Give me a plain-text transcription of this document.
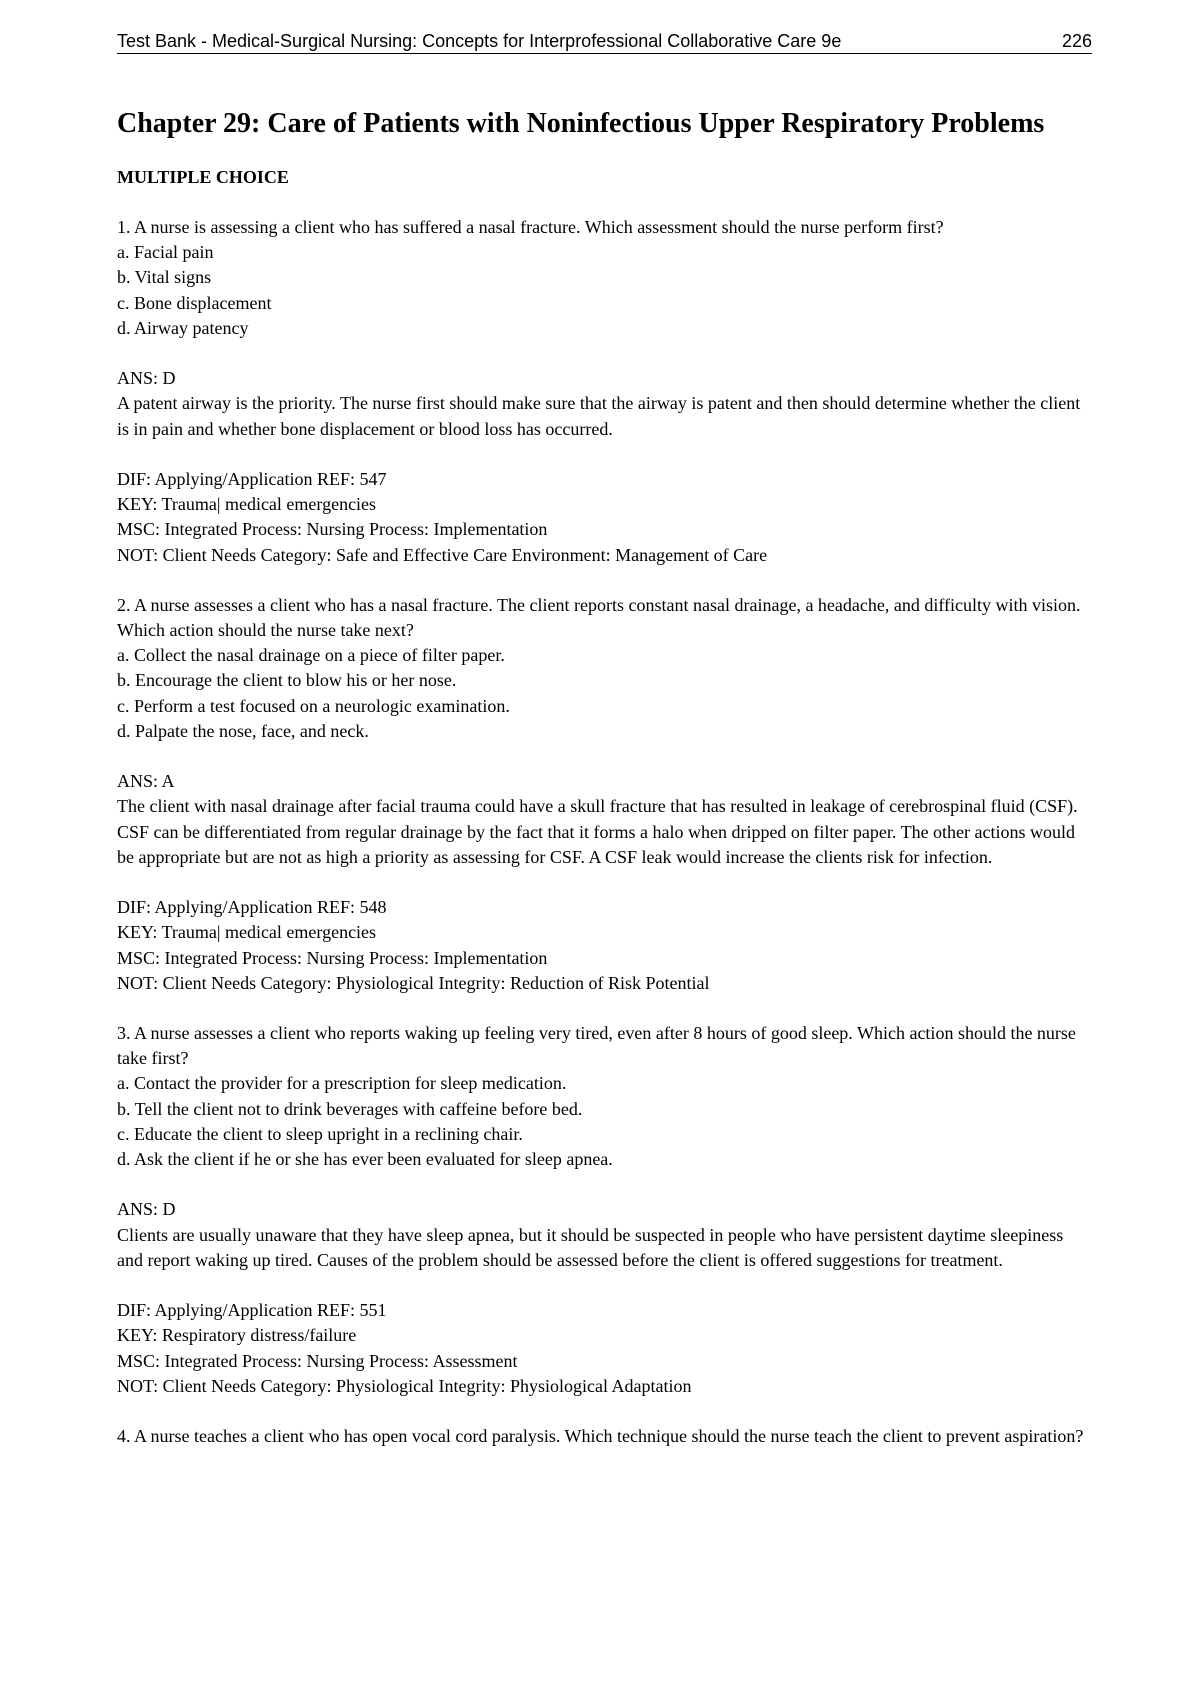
Test Bank - Medical-Surgical Nursing: Concepts for Interprofessional Collaborative Care 9e	226
Chapter 29: Care of Patients with Noninfectious Upper Respiratory Problems
MULTIPLE CHOICE

1. A nurse is assessing a client who has suffered a nasal fracture. Which assessment should the nurse perform first?

a. Facial pain
b. Vital signs
c. Bone displacement
d. Airway patency

ANS: D

A patent airway is the priority. The nurse first should make sure that the airway is patent and then should determine whether the client is in pain and whether bone displacement or blood loss has occurred.

DIF: Applying/Application REF: 547

KEY: Trauma| medical emergencies

MSC: Integrated Process: Nursing Process: Implementation

NOT: Client Needs Category: Safe and Effective Care Environment: Management of Care

2. A nurse assesses a client who has a nasal fracture. The client reports constant nasal drainage, a headache, and difficulty with vision. Which action should the nurse take next?

a. Collect the nasal drainage on a piece of filter paper.
b. Encourage the client to blow his or her nose.
c. Perform a test focused on a neurologic examination.
d. Palpate the nose, face, and neck.

ANS: A

The client with nasal drainage after facial trauma could have a skull fracture that has resulted in leakage of cerebrospinal fluid (CSF). CSF can be differentiated from regular drainage by the fact that it forms a halo when dripped on filter paper. The other actions would be appropriate but are not as high a priority as assessing for CSF. A CSF leak would increase the clients risk for infection.

DIF: Applying/Application REF: 548

KEY: Trauma| medical emergencies

MSC: Integrated Process: Nursing Process: Implementation

NOT: Client Needs Category: Physiological Integrity: Reduction of Risk Potential

3. A nurse assesses a client who reports waking up feeling very tired, even after 8 hours of good sleep. Which action should the nurse take first?

a. Contact the provider for a prescription for sleep medication.
b. Tell the client not to drink beverages with caffeine before bed.
c. Educate the client to sleep upright in a reclining chair.
d. Ask the client if he or she has ever been evaluated for sleep apnea.

ANS: D

Clients are usually unaware that they have sleep apnea, but it should be suspected in people who have persistent daytime sleepiness and report waking up tired. Causes of the problem should be assessed before the client is offered suggestions for treatment.

DIF: Applying/Application REF: 551

KEY: Respiratory distress/failure

MSC: Integrated Process: Nursing Process: Assessment

NOT: Client Needs Category: Physiological Integrity: Physiological Adaptation

4. A nurse teaches a client who has open vocal cord paralysis. Which technique should the nurse teach the client to prevent aspiration?
